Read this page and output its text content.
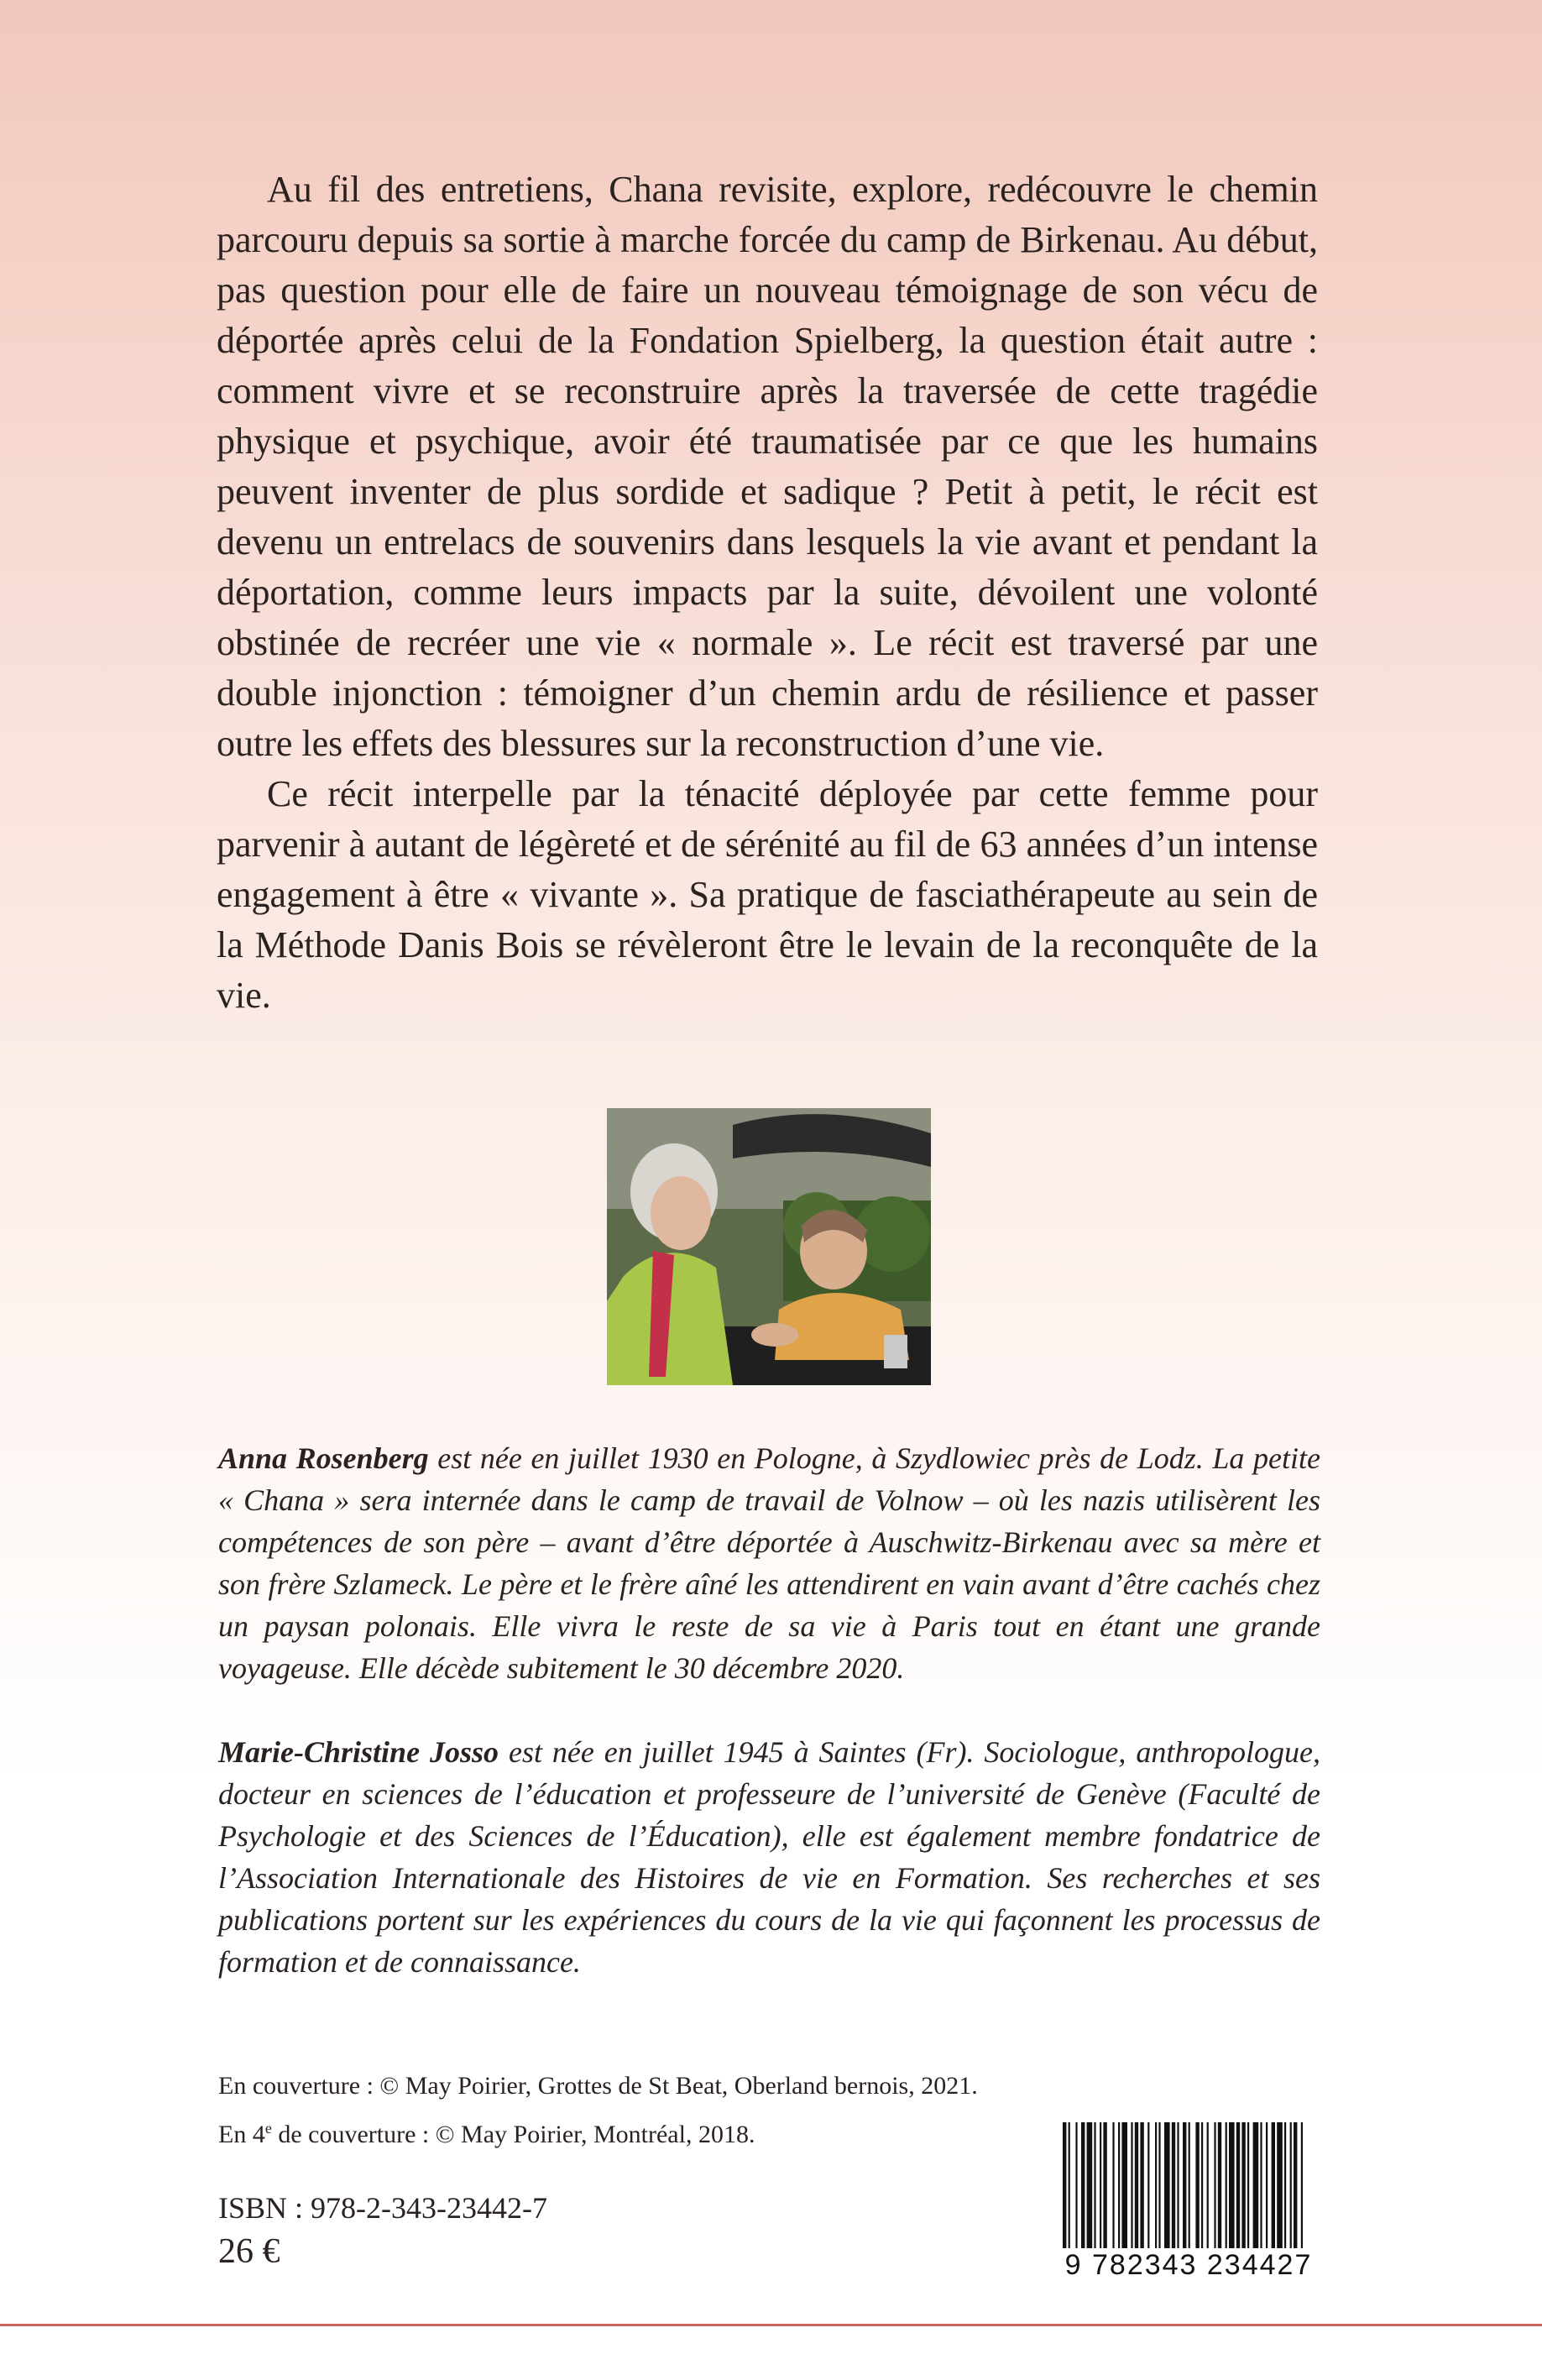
Au fil des entretiens, Chana revisite, explore, redécouvre le chemin parcouru depuis sa sortie à marche forcée du camp de Birkenau. Au début, pas question pour elle de faire un nouveau témoignage de son vécu de déportée après celui de la Fondation Spielberg, la question était autre : comment vivre et se reconstruire après la traversée de cette tragédie physique et psychique, avoir été traumatisée par ce que les humains peuvent inventer de plus sordide et sadique ? Petit à petit, le récit est devenu un entrelacs de souvenirs dans lesquels la vie avant et pendant la déportation, comme leurs impacts par la suite, dévoilent une volonté obstinée de recréer une vie « normale ». Le récit est traversé par une double injonction : témoigner d’un chemin ardu de résilience et passer outre les effets des blessures sur la reconstruction d’une vie.

Ce récit interpelle par la ténacité déployée par cette femme pour parvenir à autant de légèreté et de sérénité au fil de 63 années d’un intense engagement à être « vivante ». Sa pratique de fasciathérapeute au sein de la Méthode Danis Bois se révèleront être le levain de la reconquête de la vie.

Anna Rosenberg est née en juillet 1930 en Pologne, à Szydlowiec près de Lodz. La petite « Chana » sera internée dans le camp de travail de Volnow – où les nazis utilisèrent les compétences de son père – avant d’être déportée à Auschwitz-Birkenau avec sa mère et son frère Szlameck. Le père et le frère aîné les attendirent en vain avant d’être cachés chez un paysan polonais. Elle vivra le reste de sa vie à Paris tout en étant une grande voyageuse. Elle décède subitement le 30 décembre 2020.

Marie-Christine Josso est née en juillet 1945 à Saintes (Fr). Sociologue, anthropologue, docteur en sciences de l’éducation et professeure de l’université de Genève (Faculté de Psychologie et des Sciences de l’Éducation), elle est également membre fondatrice de l’Association Internationale des Histoires de vie en Formation. Ses recherches et ses publications portent sur les expériences du cours de la vie qui façonnent les processus de formation et de connaissance.

En couverture : © May Poirier, Grottes de St Beat, Oberland bernois, 2021.
En 4e de couverture : © May Poirier, Montréal, 2018.
ISBN : 978-2-343-23442-7
26 €	9 782343 234427
